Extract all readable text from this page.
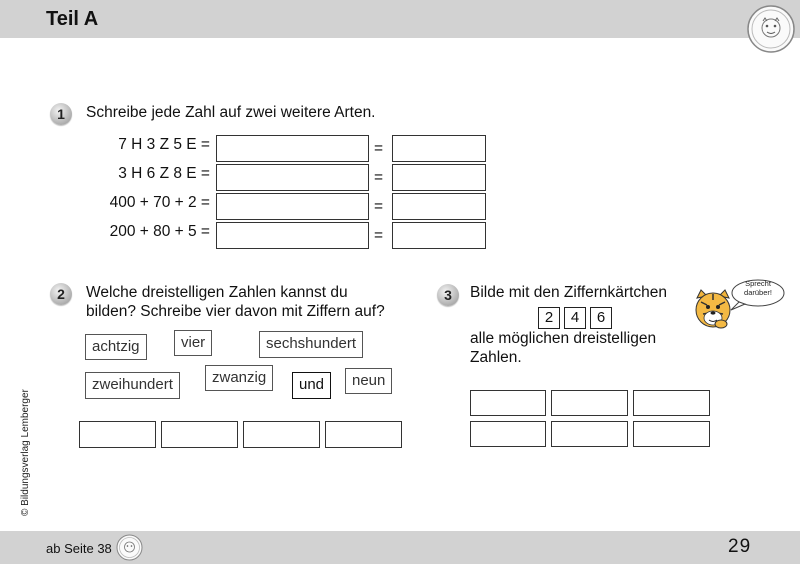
Teil A
© Bildungsverlag Lemberger
1	Schreibe jede Zahl auf zwei weitere Arten.
7 H 3 Z 5 E =	=
3 H 6 Z 8 E =	=
400 + 70 + 2 =	=
200 + 80 + 5 =	=
2	Welche dreistelligen Zahlen kannst du
bilden? Schreibe vier davon mit Ziffern auf?
achtzig	vier	sechshundert
zweihundert	zwanzig	und	neun
3	Bilde mit den Ziffernkärtchen
2	4	6
alle möglichen dreistelligen
Zahlen.
Sprecht darüber!
ab Seite 38	29
